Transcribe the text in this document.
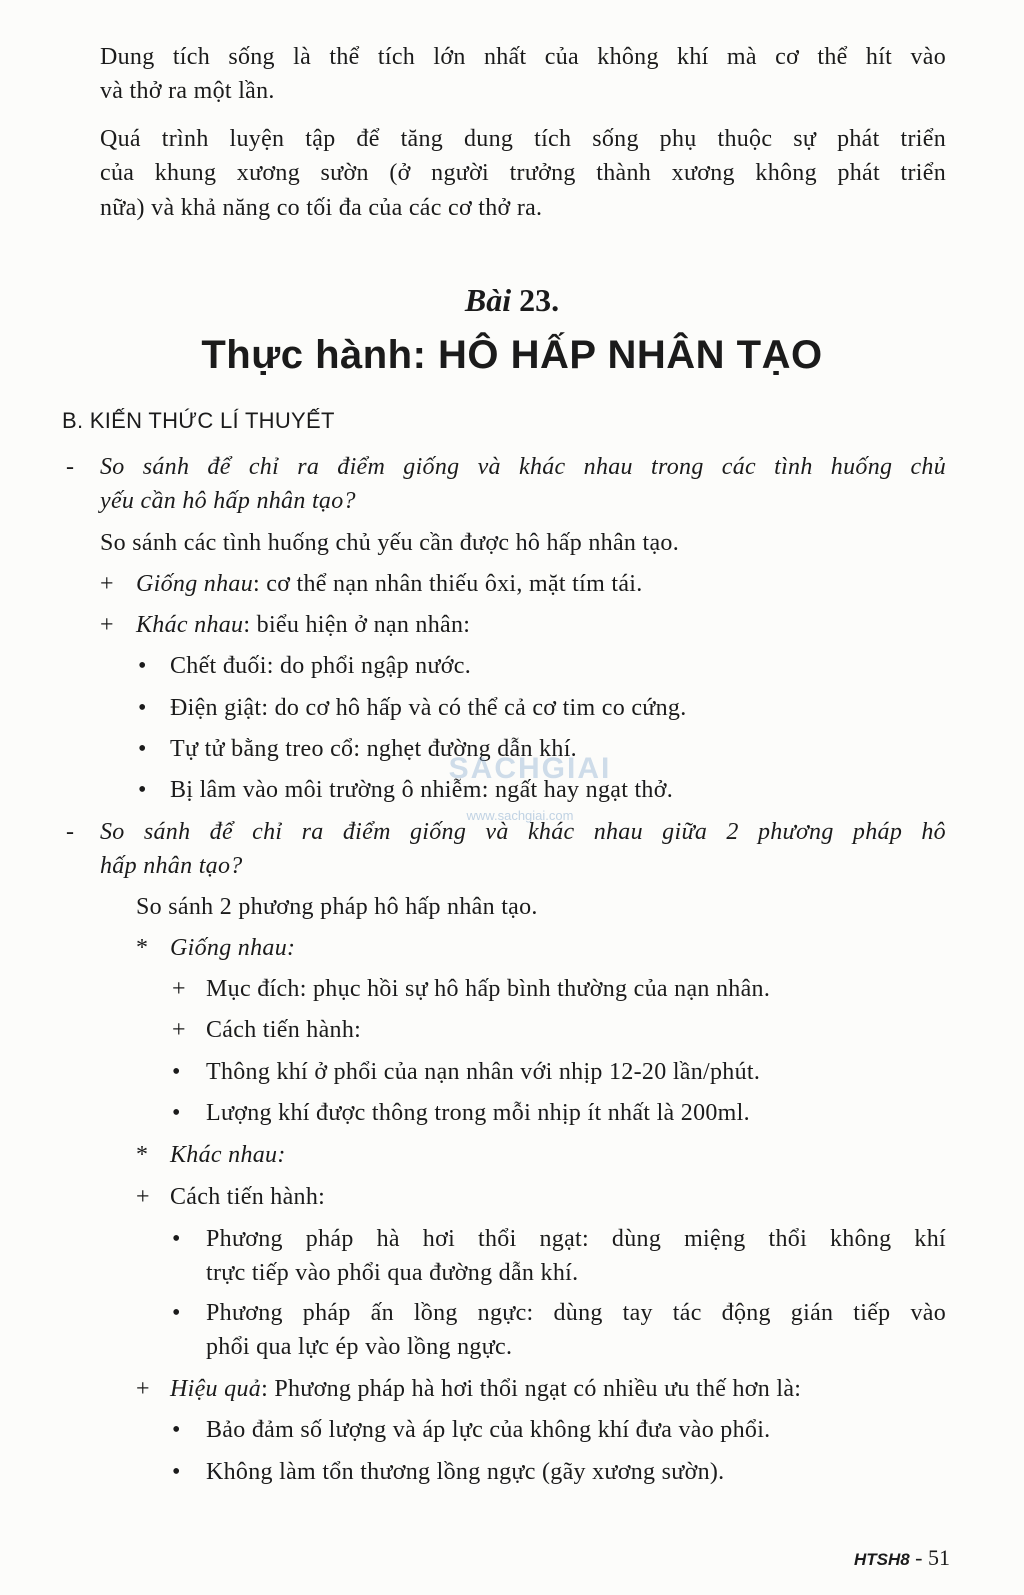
Dung tích sống là thể tích lớn nhất của không khí mà cơ thể hít vào
và thở ra một lần.
Quá trình luyện tập để tăng dung tích sống phụ thuộc sự phát triển
của khung xương sườn (ở người trưởng thành xương không phát triển
nữa) và khả năng co tối đa của các cơ thở ra.
Bài 23.
Thực hành: HÔ HẤP NHÂN TẠO
B. KIẾN THỨC LÍ THUYẾT
- So sánh để chỉ ra điểm giống và khác nhau trong các tình huống chủ
yếu cần hô hấp nhân tạo?
So sánh các tình huống chủ yếu cần được hô hấp nhân tạo.
+ Giống nhau: cơ thể nạn nhân thiếu ôxi, mặt tím tái.
+ Khác nhau: biểu hiện ở nạn nhân:
• Chết đuối: do phổi ngập nước.
• Điện giật: do cơ hô hấp và có thể cả cơ tim co cứng.
• Tự tử bằng treo cổ: nghẹt đường dẫn khí.
• Bị lâm vào môi trường ô nhiễm: ngất hay ngạt thở.
SACHGIAI
www.sachgiai.com
- So sánh để chỉ ra điểm giống và khác nhau giữa 2 phương pháp hô
hấp nhân tạo?
So sánh 2 phương pháp hô hấp nhân tạo.
* Giống nhau:
+ Mục đích: phục hồi sự hô hấp bình thường của nạn nhân.
+ Cách tiến hành:
• Thông khí ở phổi của nạn nhân với nhịp 12-20 lần/phút.
• Lượng khí được thông trong mỗi nhịp ít nhất là 200ml.
* Khác nhau:
+ Cách tiến hành:
• Phương pháp hà hơi thổi ngạt: dùng miệng thổi không khí
trực tiếp vào phổi qua đường dẫn khí.
• Phương pháp ấn lồng ngực: dùng tay tác động gián tiếp vào
phổi qua lực ép vào lồng ngực.
+ Hiệu quả: Phương pháp hà hơi thổi ngạt có nhiều ưu thế hơn là:
• Bảo đảm số lượng và áp lực của không khí đưa vào phổi.
• Không làm tổn thương lồng ngực (gãy xương sườn).
HTSH8 - 51
